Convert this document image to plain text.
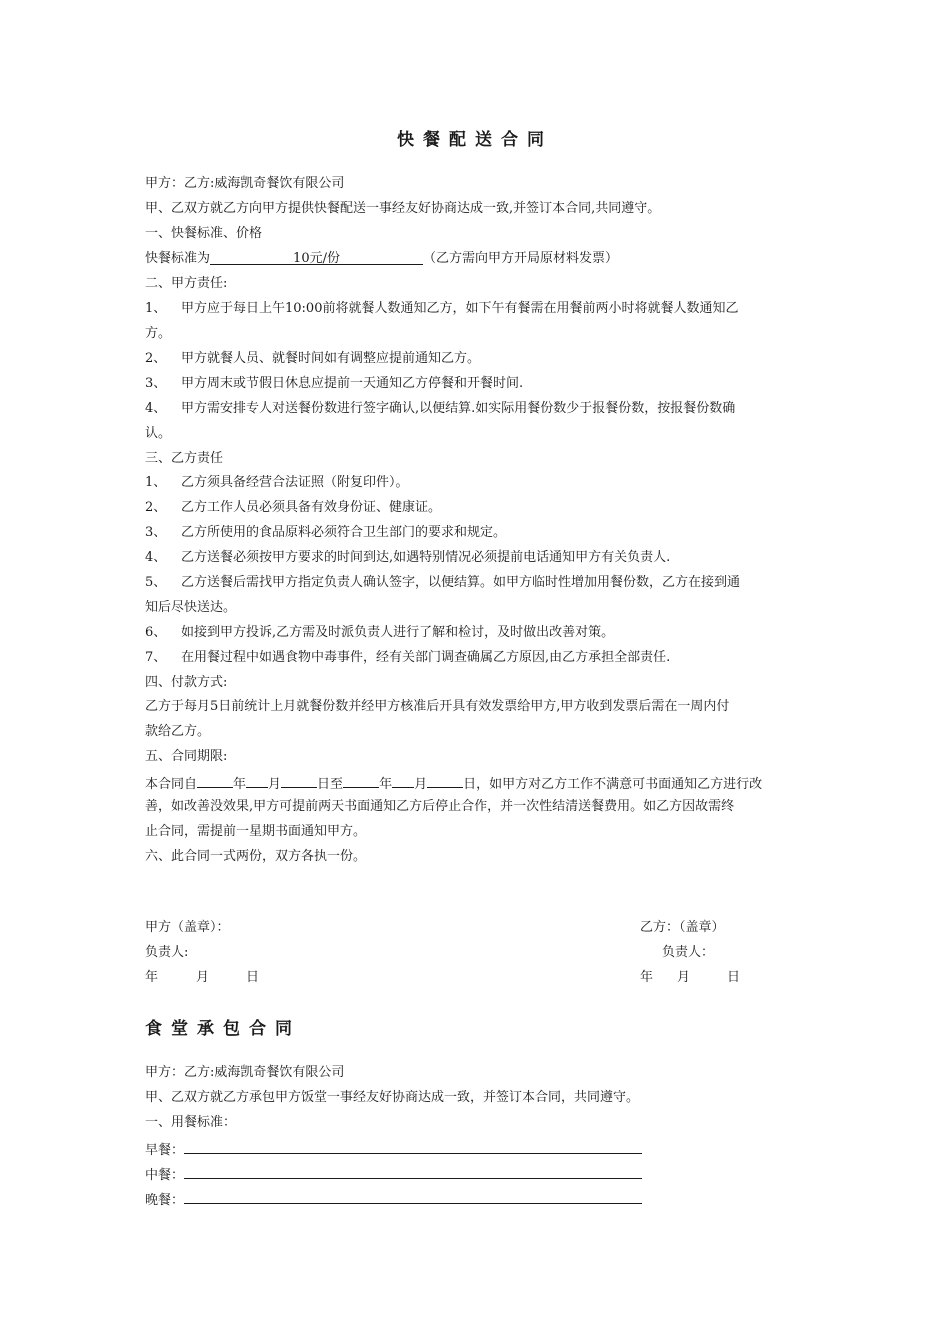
快餐配送合同
甲方：乙方:威海凯奇餐饮有限公司
甲、乙双方就乙方向甲方提供快餐配送一事经友好协商达成一致,并签订本合同,共同遵守。
一、快餐标准、价格
快餐标准为	10元/份	（乙方需向甲方开局原材料发票）
二、甲方责任:
1、 甲方应于每日上午10:00前将就餐人数通知乙方，如下午有餐需在用餐前两小时将就餐人数通知乙
方。
2、 甲方就餐人员、就餐时间如有调整应提前通知乙方。
3、 甲方周末或节假日休息应提前一天通知乙方停餐和开餐时间.
4、 甲方需安排专人对送餐份数进行签字确认,以便结算.如实际用餐份数少于报餐份数，按报餐份数确
认。
三、乙方责任
1、 乙方须具备经营合法证照（附复印件）。
2、 乙方工作人员必须具备有效身份证、健康证。
3、 乙方所使用的食品原料必须符合卫生部门的要求和规定。
4、 乙方送餐必须按甲方要求的时间到达,如遇特别情况必须提前电话通知甲方有关负责人.
5、 乙方送餐后需找甲方指定负责人确认签字，以便结算。如甲方临时性增加用餐份数，乙方在接到通
知后尽快送达。
6、 如接到甲方投诉,乙方需及时派负责人进行了解和检讨，及时做出改善对策。
7、 在用餐过程中如遇食物中毒事件，经有关部门调查确属乙方原因,由乙方承担全部责任.
四、付款方式:
乙方于每月5日前统计上月就餐份数并经甲方核准后开具有效发票给甲方,甲方收到发票后需在一周内付
款给乙方。
五、合同期限:
本合同自	年 月	日至	年 月	日，如甲方对乙方工作不满意可书面通知乙方进行改
善，如改善没效果,甲方可提前两天书面通知乙方后停止合作，并一次性结清送餐费用。如乙方因故需终
止合同，需提前一星期书面通知甲方。
六、此合同一式两份，双方各执一份。
甲方（盖章）：
负责人:
年	月	日
乙方：（盖章）
负责人：
年 月	日
食堂承包合同
甲方：乙方:威海凯奇餐饮有限公司
甲、乙双方就乙方承包甲方饭堂一事经友好协商达成一致，并签订本合同，共同遵守。
一、用餐标准：
早餐：
中餐：
晚餐：
